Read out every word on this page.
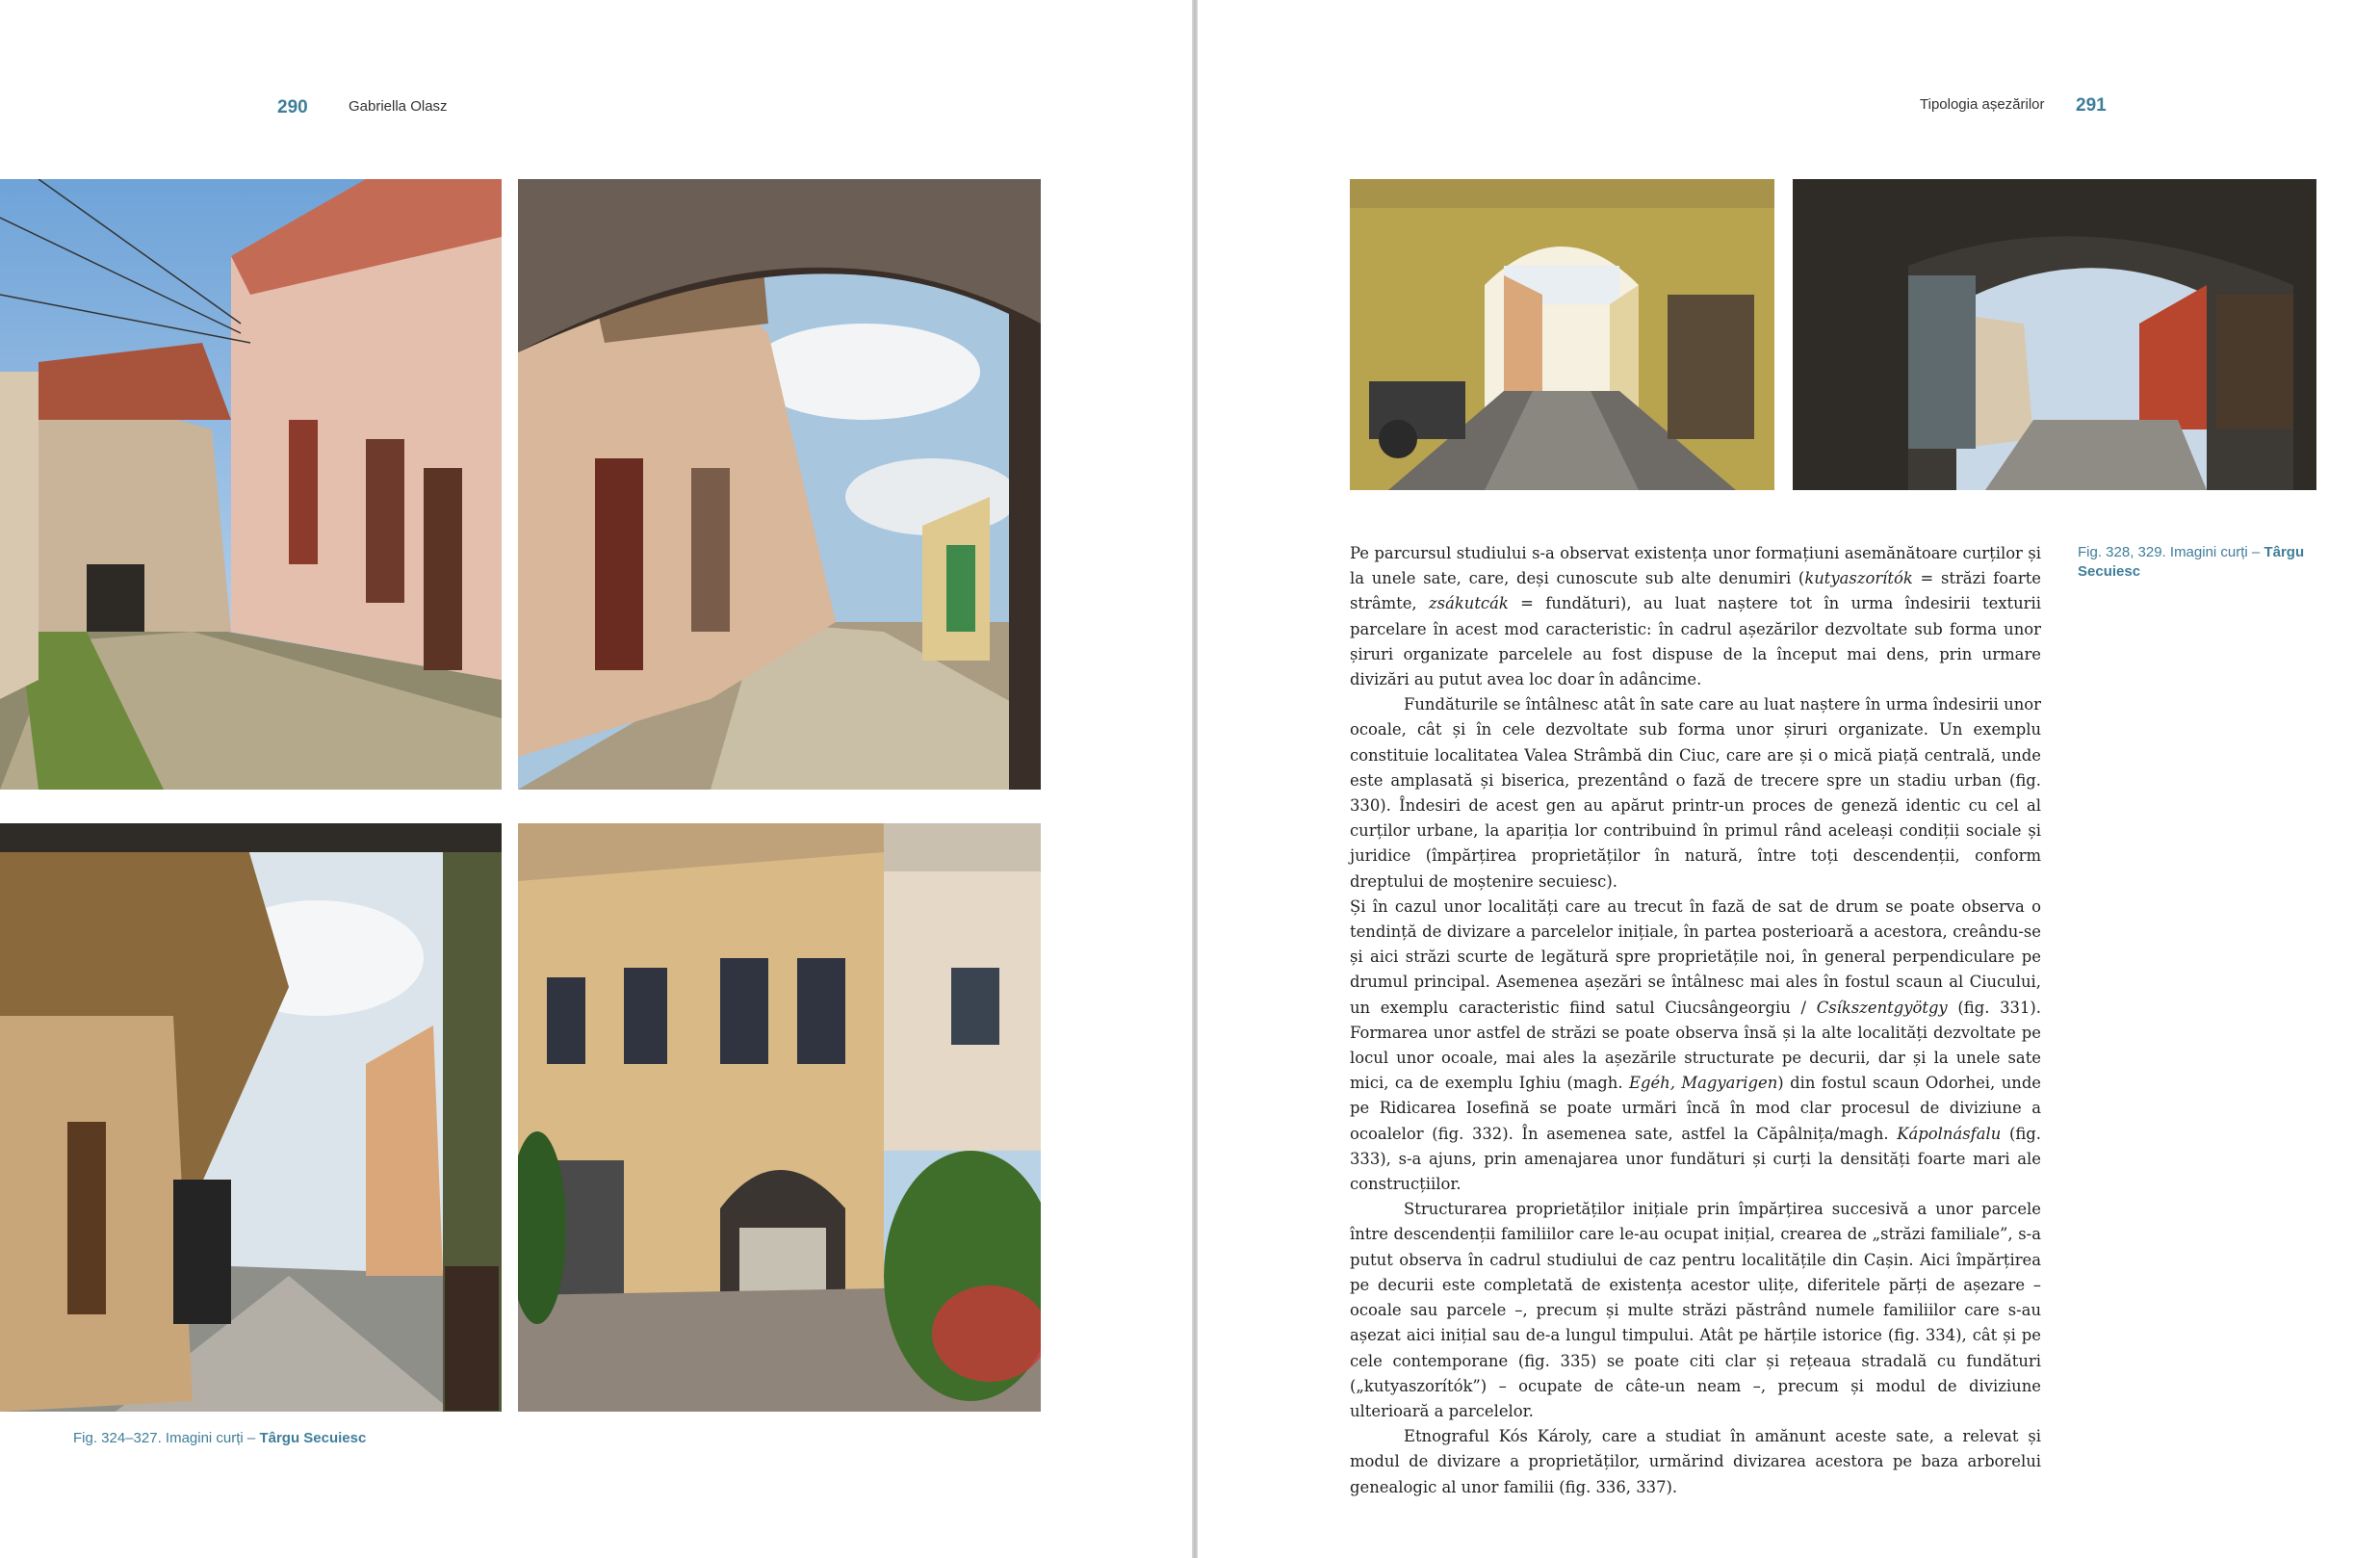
290	Gabriella Olasz
Fig. 324–327. Imagini curți – Târgu Secuiesc
Tipologia așezărilor 291

Pe parcursul studiului s-a observat existența unor formațiuni asemănătoare curților și la unele sate, care, deși cunoscute sub alte denumiri (kutyaszorítók = străzi foarte strâmte, zsákutcák = fundături), au luat naștere tot în urma îndesirii texturii parcelare în acest mod caracteristic: în cadrul așezărilor dezvoltate sub forma unor șiruri organizate parcelele au fost dispuse de la început mai dens, prin urmare divizări au putut avea loc doar în adâncime.

Fundăturile se întâlnesc atât în sate care au luat naștere în urma îndesirii unor ocoale, cât și în cele dezvoltate sub forma unor șiruri organizate. Un exemplu constituie localitatea Valea Strâmbă din Ciuc, care are și o mică piață centrală, unde este amplasată și biserica, prezentând o fază de trecere spre un stadiu urban (fig. 330). Îndesiri de acest gen au apărut printr-un proces de geneză identic cu cel al curților urbane, la apariția lor contribuind în primul rând aceleași condiții sociale și juridice (împărțirea proprietăților în natură, între toți descendenții, conform dreptului de moștenire secuiesc).

Și în cazul unor localități care au trecut în fază de sat de drum se poate observa o tendință de divizare a parcelelor inițiale, în partea posterioară a acestora, creându-se și aici străzi scurte de legătură spre proprietățile noi, în general perpendiculare pe drumul principal. Asemenea așezări se întâlnesc mai ales în fostul scaun al Ciucului, un exemplu caracteristic fiind satul Ciucsângeorgiu / Csíkszentgyötgy (fig. 331). Formarea unor astfel de străzi se poate observa însă și la alte localități dezvoltate pe locul unor ocoale, mai ales la așezările structurate pe decurii, dar și la unele sate mici, ca de exemplu Ighiu (magh. Egéh, Magyarigen) din fostul scaun Odorhei, unde pe Ridicarea Iosefină se poate urmări încă în mod clar procesul de diviziune a ocoalelor (fig. 332). În asemenea sate, astfel la Căpâlnița/magh. Kápolnásfalu (fig. 333), s-a ajuns, prin amenajarea unor fundături și curți la densități foarte mari ale construcțiilor.

Structurarea proprietăților inițiale prin împărțirea succesivă a unor parcele între descendenții familiilor care le-au ocupat inițial, crearea de „străzi familiale”, s-a putut observa în cadrul studiului de caz pentru localitățile din Cașin. Aici împărțirea pe decurii este completată de existența acestor ulițe, diferitele părți de așezare – ocoale sau parcele –, precum și multe străzi păstrând numele familiilor care s-au așezat aici inițial sau de-a lungul timpului. Atât pe hărțile istorice (fig. 334), cât și pe cele contemporane (fig. 335) se poate citi clar și rețeaua stradală cu fundături („kutyaszorítók”) – ocupate de câte-un neam –, precum și modul de diviziune ulterioară a parcelelor.

Etnograful Kós Károly, care a studiat în amănunt aceste sate, a relevat și modul de divizare a proprietăților, urmărind divizarea acestora pe baza arborelui genealogic al unor familii (fig. 336, 337).

Fig. 328, 329. Imagini curți – Târgu Secuiesc
